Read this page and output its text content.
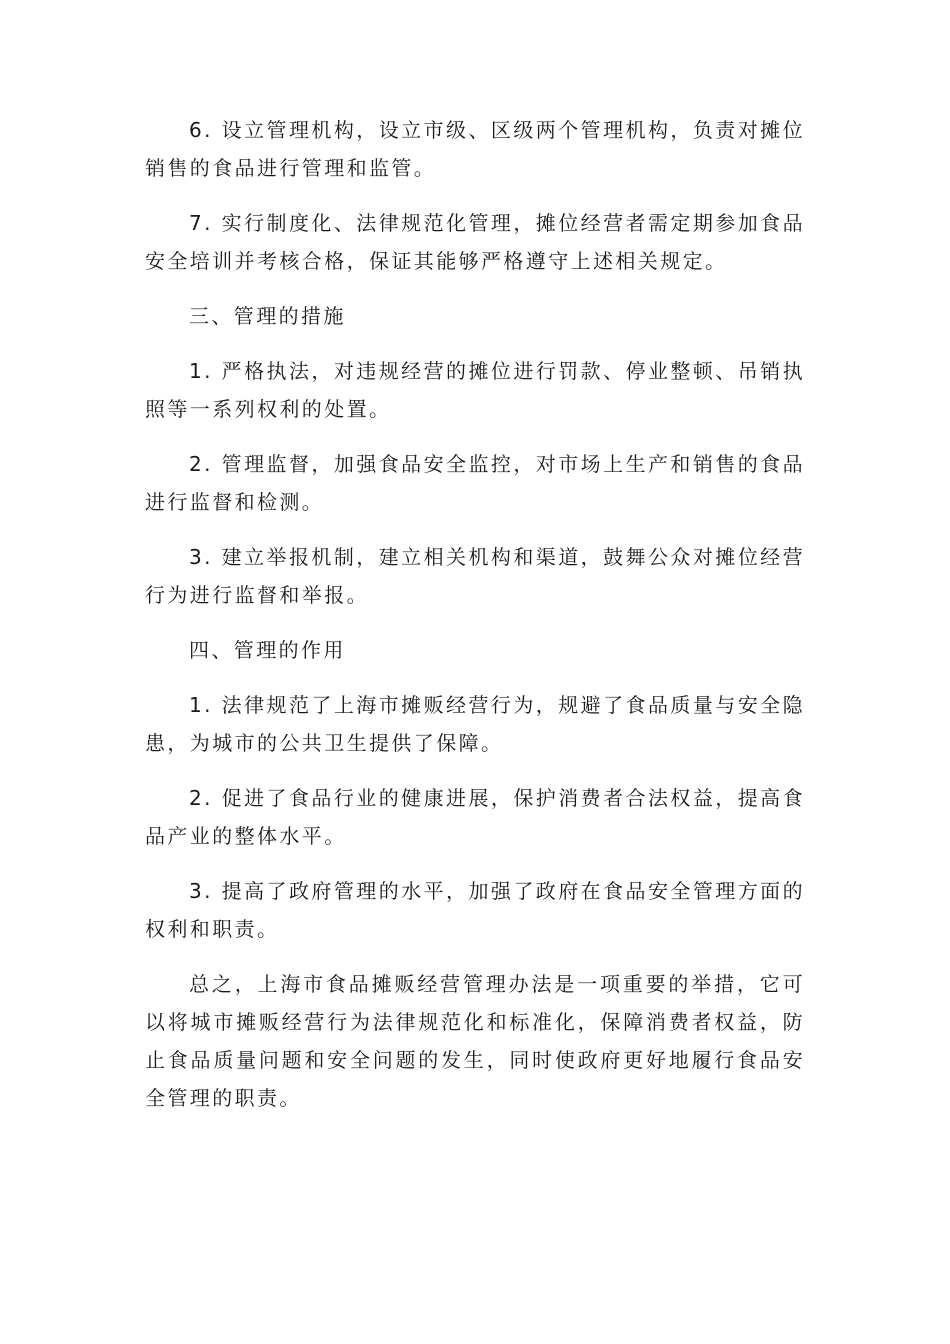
6. 设立管理机构，设立市级、区级两个管理机构，负责对摊位销售的食品进行管理和监管。

7. 实行制度化、法律规范化管理，摊位经营者需定期参加食品安全培训并考核合格，保证其能够严格遵守上述相关规定。

三、管理的措施

1. 严格执法，对违规经营的摊位进行罚款、停业整顿、吊销执照等一系列权利的处置。

2. 管理监督，加强食品安全监控，对市场上生产和销售的食品进行监督和检测。

3. 建立举报机制，建立相关机构和渠道，鼓舞公众对摊位经营行为进行监督和举报。

四、管理的作用

1. 法律规范了上海市摊贩经营行为，规避了食品质量与安全隐患，为城市的公共卫生提供了保障。

2. 促进了食品行业的健康进展，保护消费者合法权益，提高食品产业的整体水平。

3. 提高了政府管理的水平，加强了政府在食品安全管理方面的权利和职责。

总之，上海市食品摊贩经营管理办法是一项重要的举措，它可以将城市摊贩经营行为法律规范化和标准化，保障消费者权益，防止食品质量问题和安全问题的发生，同时使政府更好地履行食品安全管理的职责。
